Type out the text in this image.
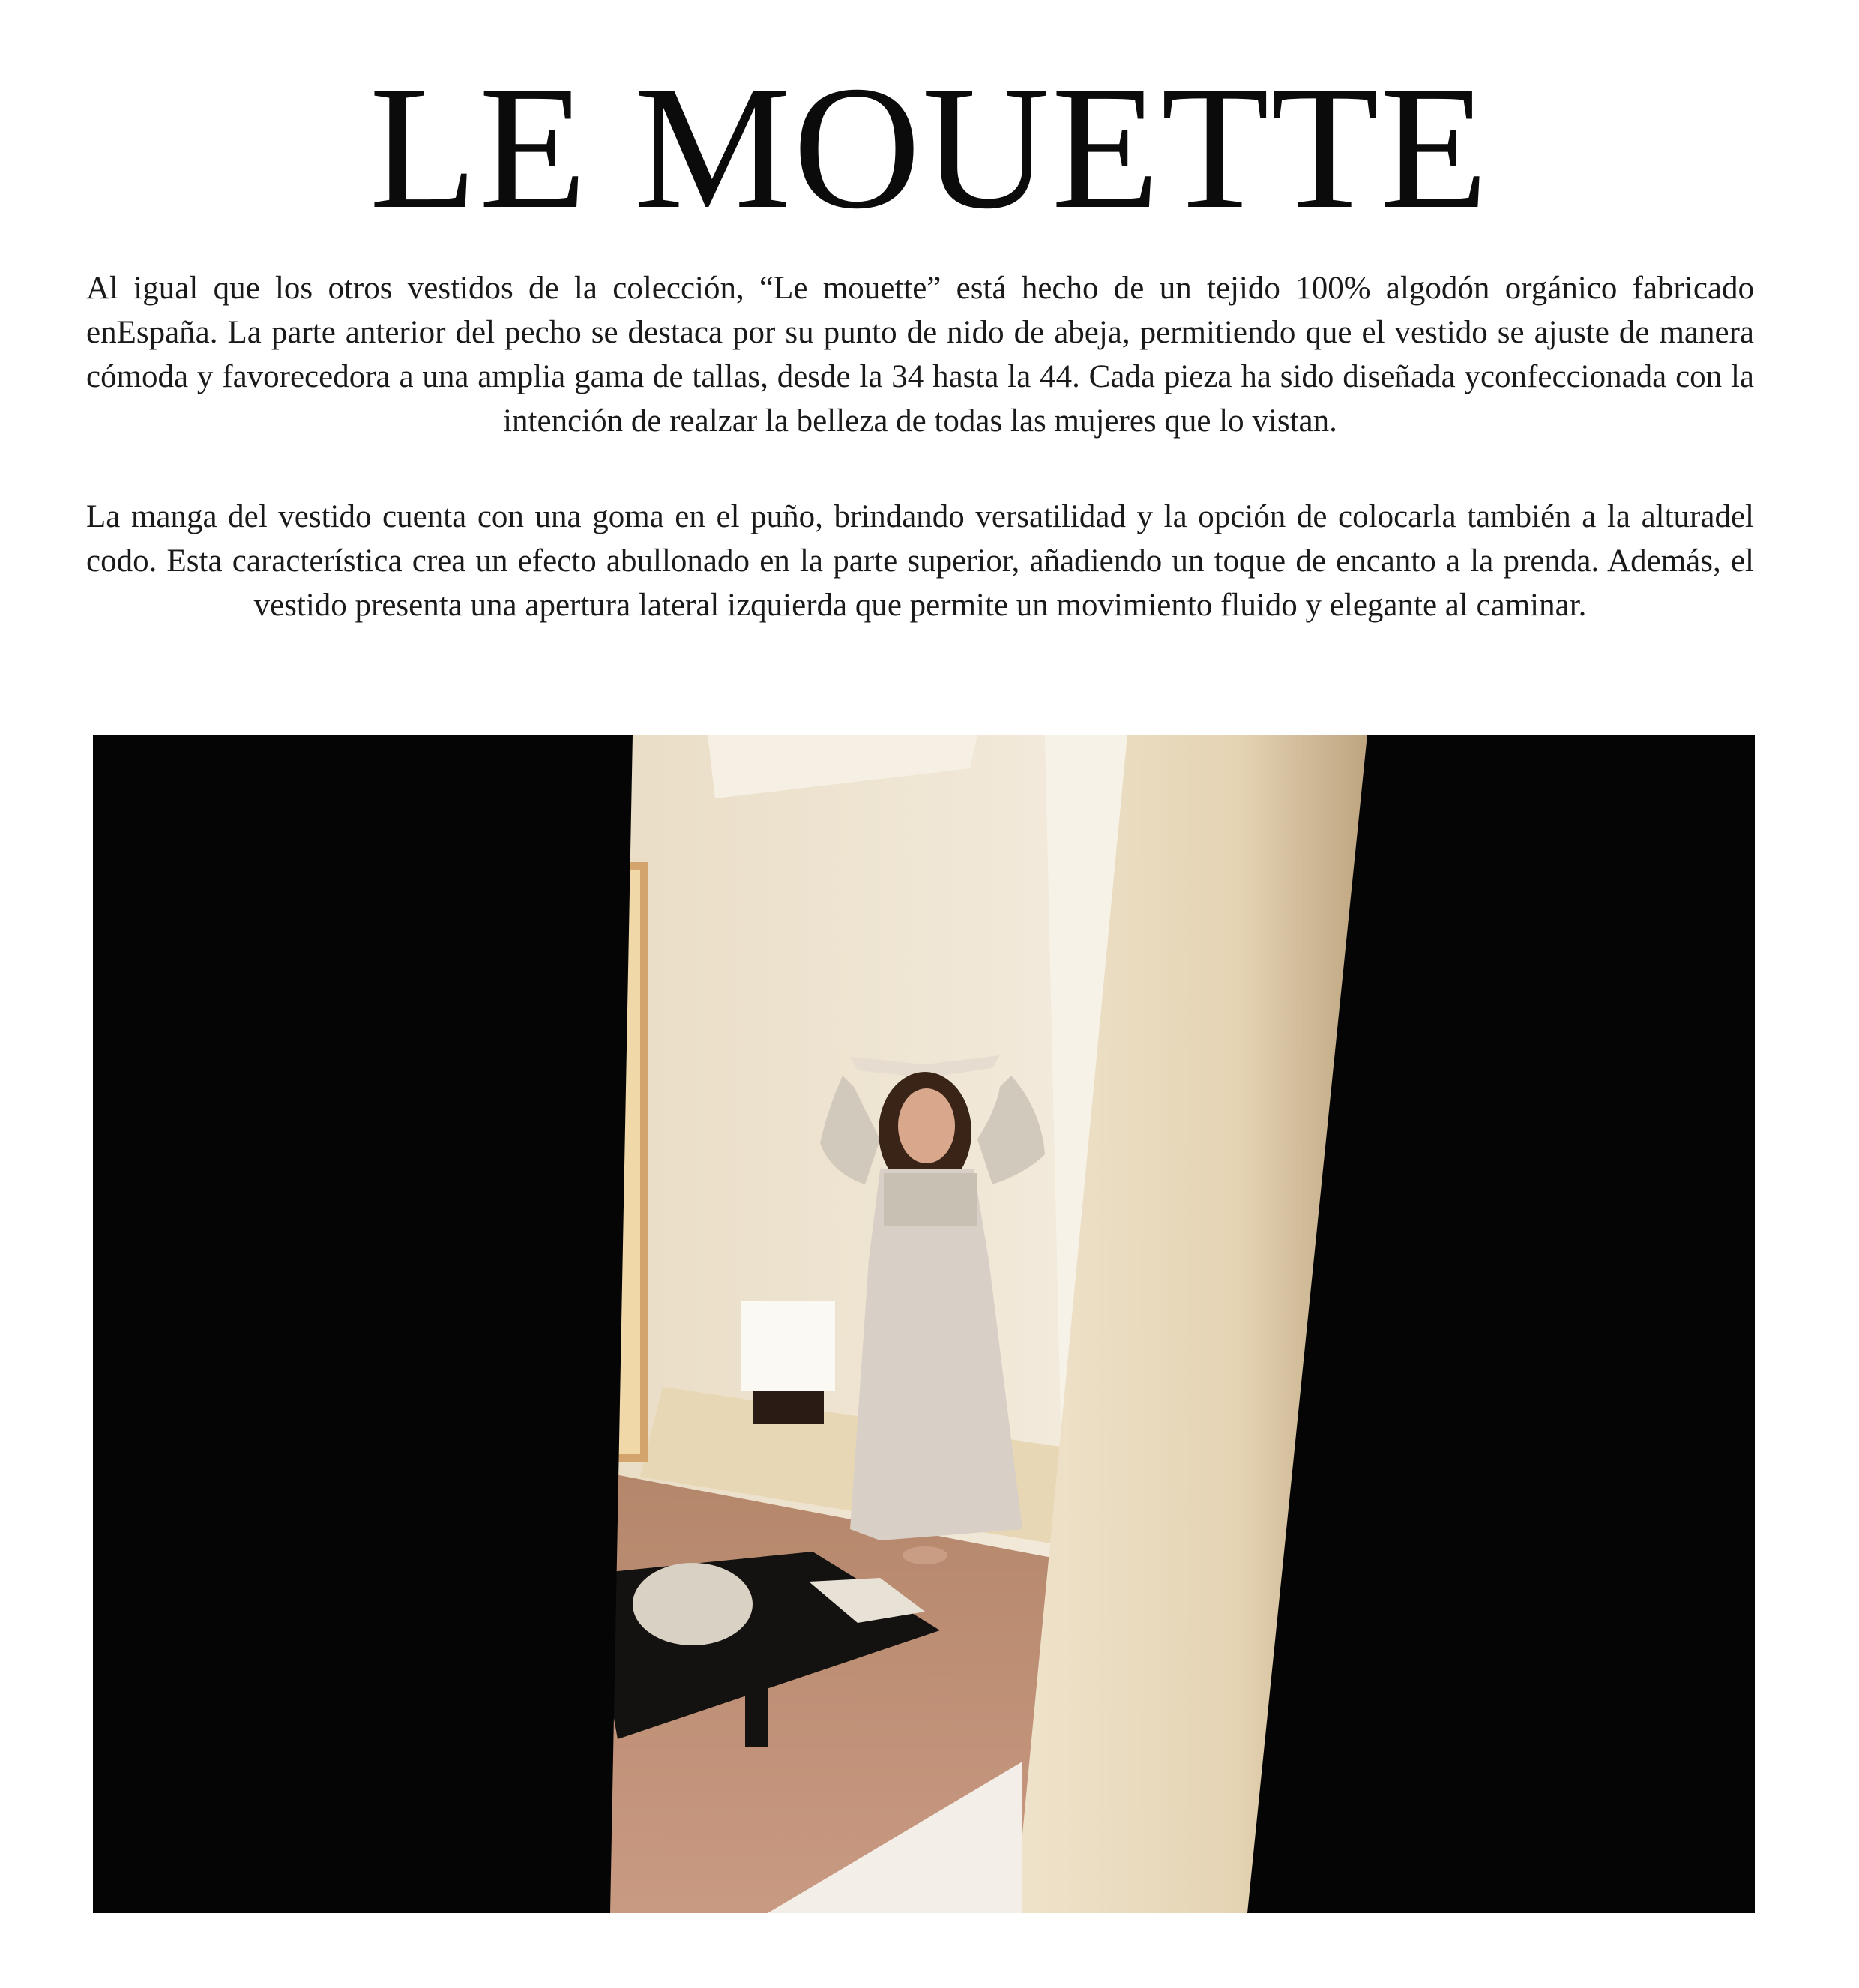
LE MOUETTE

Al igual que los otros vestidos de la colección, “Le mouette” está hecho de un tejido 100% algodón orgánico fabricado enEspaña. La parte anterior del pecho se destaca por su punto de nido de abeja, permitiendo que el vestido se ajuste de manera cómoda y favorecedora a una amplia gama de tallas, desde la 34 hasta la 44. Cada pieza ha sido diseñada yconfeccionada con la intención de realzar la belleza de todas las mujeres que lo vistan.

La manga del vestido cuenta con una goma en el puño, brindando versatilidad y la opción de colocarla también a la alturadel codo. Esta característica crea un efecto abullonado en la parte superior, añadiendo un toque de encanto a la prenda. Además, el vestido presenta una apertura lateral izquierda que permite un movimiento fluido y elegante al caminar.
